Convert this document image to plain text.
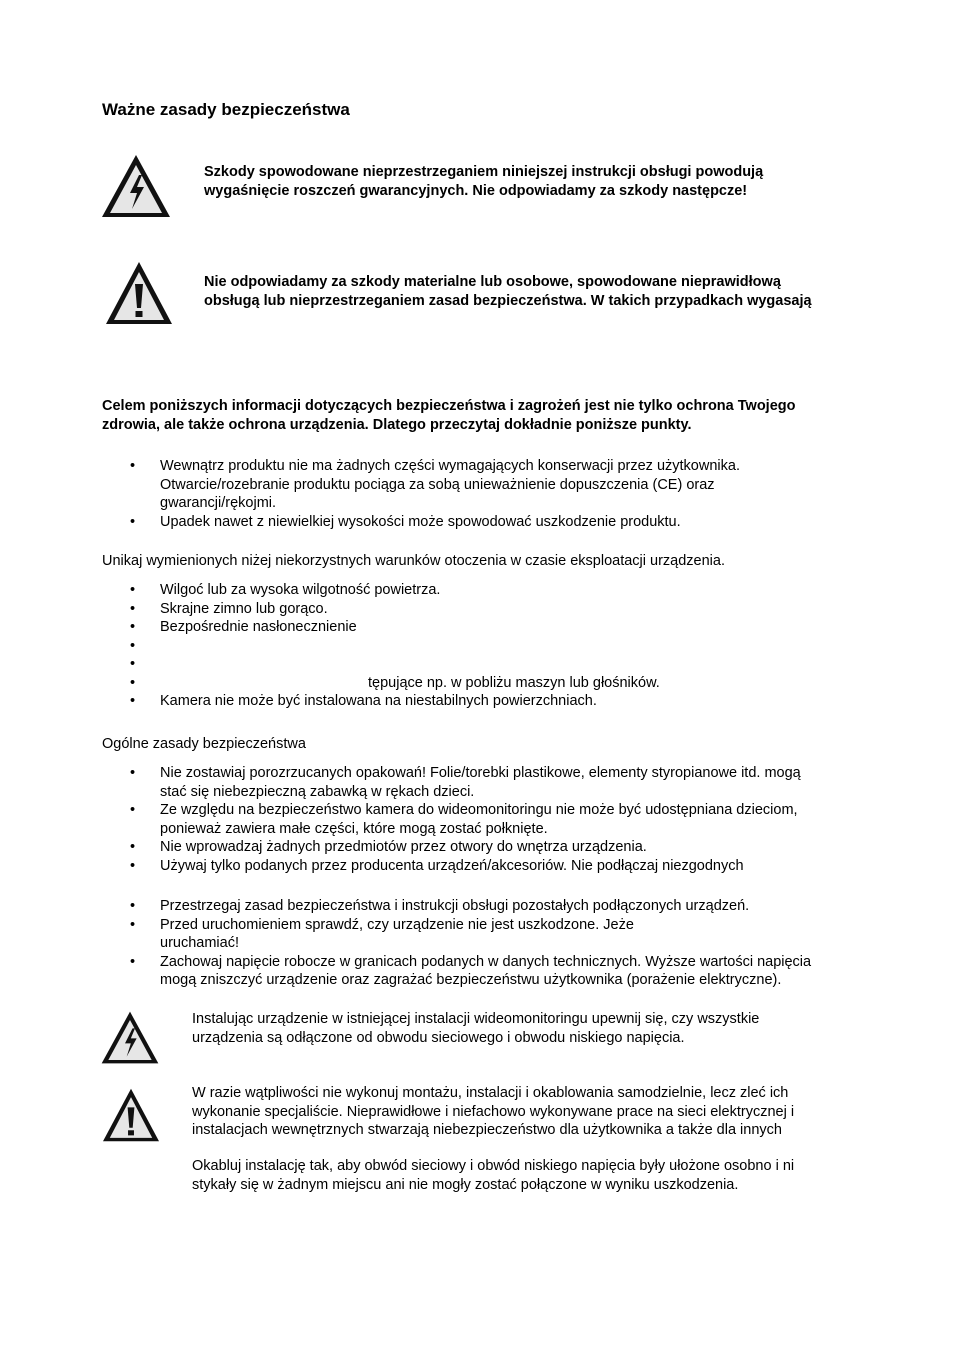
Ważne zasady bezpieczeństwa
Szkody spowodowane nieprzestrzeganiem niniejszej instrukcji obsługi powodują
wygaśnięcie roszczeń gwarancyjnych. Nie odpowiadamy za szkody następcze!
Nie odpowiadamy za szkody materialne lub osobowe, spowodowane nieprawidłową
obsługą lub nieprzestrzeganiem zasad bezpieczeństwa. W takich przypadkach wygasają
Celem poniższych informacji dotyczących bezpieczeństwa i zagrożeń jest nie tylko ochrona Twojego
zdrowia, ale także ochrona urządzenia. Dlatego przeczytaj dokładnie poniższe punkty.
• Wewnątrz produktu nie ma żadnych części wymagających konserwacji przez użytkownika.
Otwarcie/rozebranie produktu pociąga za sobą unieważnienie dopuszczenia (CE) oraz
gwarancji/rękojmi.
• Upadek nawet z niewielkiej wysokości może spowodować uszkodzenie produktu.
Unikaj wymienionych niżej niekorzystnych warunków otoczenia w czasie eksploatacji urządzenia.
• Wilgoć lub za wysoka wilgotność powietrza.
• Skrajne zimno lub gorąco.
• Bezpośrednie nasłonecznienie
•

•

• tępujące np. w pobliżu maszyn lub głośników.
• Kamera nie może być instalowana na niestabilnych powierzchniach.
Ogólne zasady bezpieczeństwa
• Nie zostawiaj porozrzucanych opakowań! Folie/torebki plastikowe, elementy styropianowe itd. mogą
stać się niebezpieczną zabawką w rękach dzieci.
• Ze względu na bezpieczeństwo kamera do wideomonitoringu nie może być udostępniana dzieciom,
ponieważ zawiera małe części, które mogą zostać połknięte.
• Nie wprowadzaj żadnych przedmiotów przez otwory do wnętrza urządzenia.
• Używaj tylko podanych przez producenta urządzeń/akcesoriów. Nie podłączaj niezgodnych
• Przestrzegaj zasad bezpieczeństwa i instrukcji obsługi pozostałych podłączonych urządzeń.
• Przed uruchomieniem sprawdź, czy urządzenie nie jest uszkodzone. Jeże
uruchamiać!
• Zachowaj napięcie robocze w granicach podanych w danych technicznych. Wyższe wartości napięcia
mogą zniszczyć urządzenie oraz zagrażać bezpieczeństwu użytkownika (porażenie elektryczne).
Instalując urządzenie w istniejącej instalacji wideomonitoringu upewnij się, czy wszystkie
urządzenia są odłączone od obwodu sieciowego i obwodu niskiego napięcia.
W razie wątpliwości nie wykonuj montażu, instalacji i okablowania samodzielnie, lecz zleć ich
wykonanie specjaliście. Nieprawidłowe i niefachowo wykonywane prace na sieci elektrycznej i
instalacjach wewnętrznych stwarzają niebezpieczeństwo dla użytkownika a także dla innych
Okabluj instalację tak, aby obwód sieciowy i obwód niskiego napięcia były ułożone osobno i ni
stykały się w żadnym miejscu ani nie mogły zostać połączone w wyniku uszkodzenia.
